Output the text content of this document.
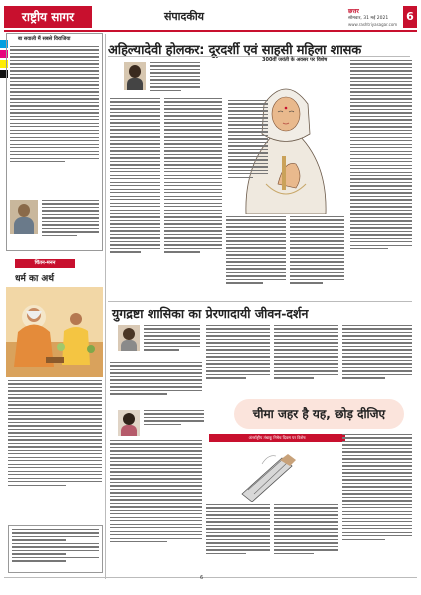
राष्ट्रीय सागर	संपादकीय	छत्तर
सोमवार, 31 मई 2021
www.rashtriyasagar.com
6
बा सवाली मैं सबसे विराजिया
चिंतन-मनन
धर्म का अर्थ
अहिल्यादेवी होलकर: दूरदर्शी एवं साहसी महिला शासक
300वीं जयंती के अवसर पर विशेष
युगद्रष्टा शासिका का प्रेरणादायी जीवन-दर्शन
चीमा जहर है यह, छोड़ दीजिए
अंतर्राष्ट्रीय तंबाकू निषेध दिवस पर विशेष
6
